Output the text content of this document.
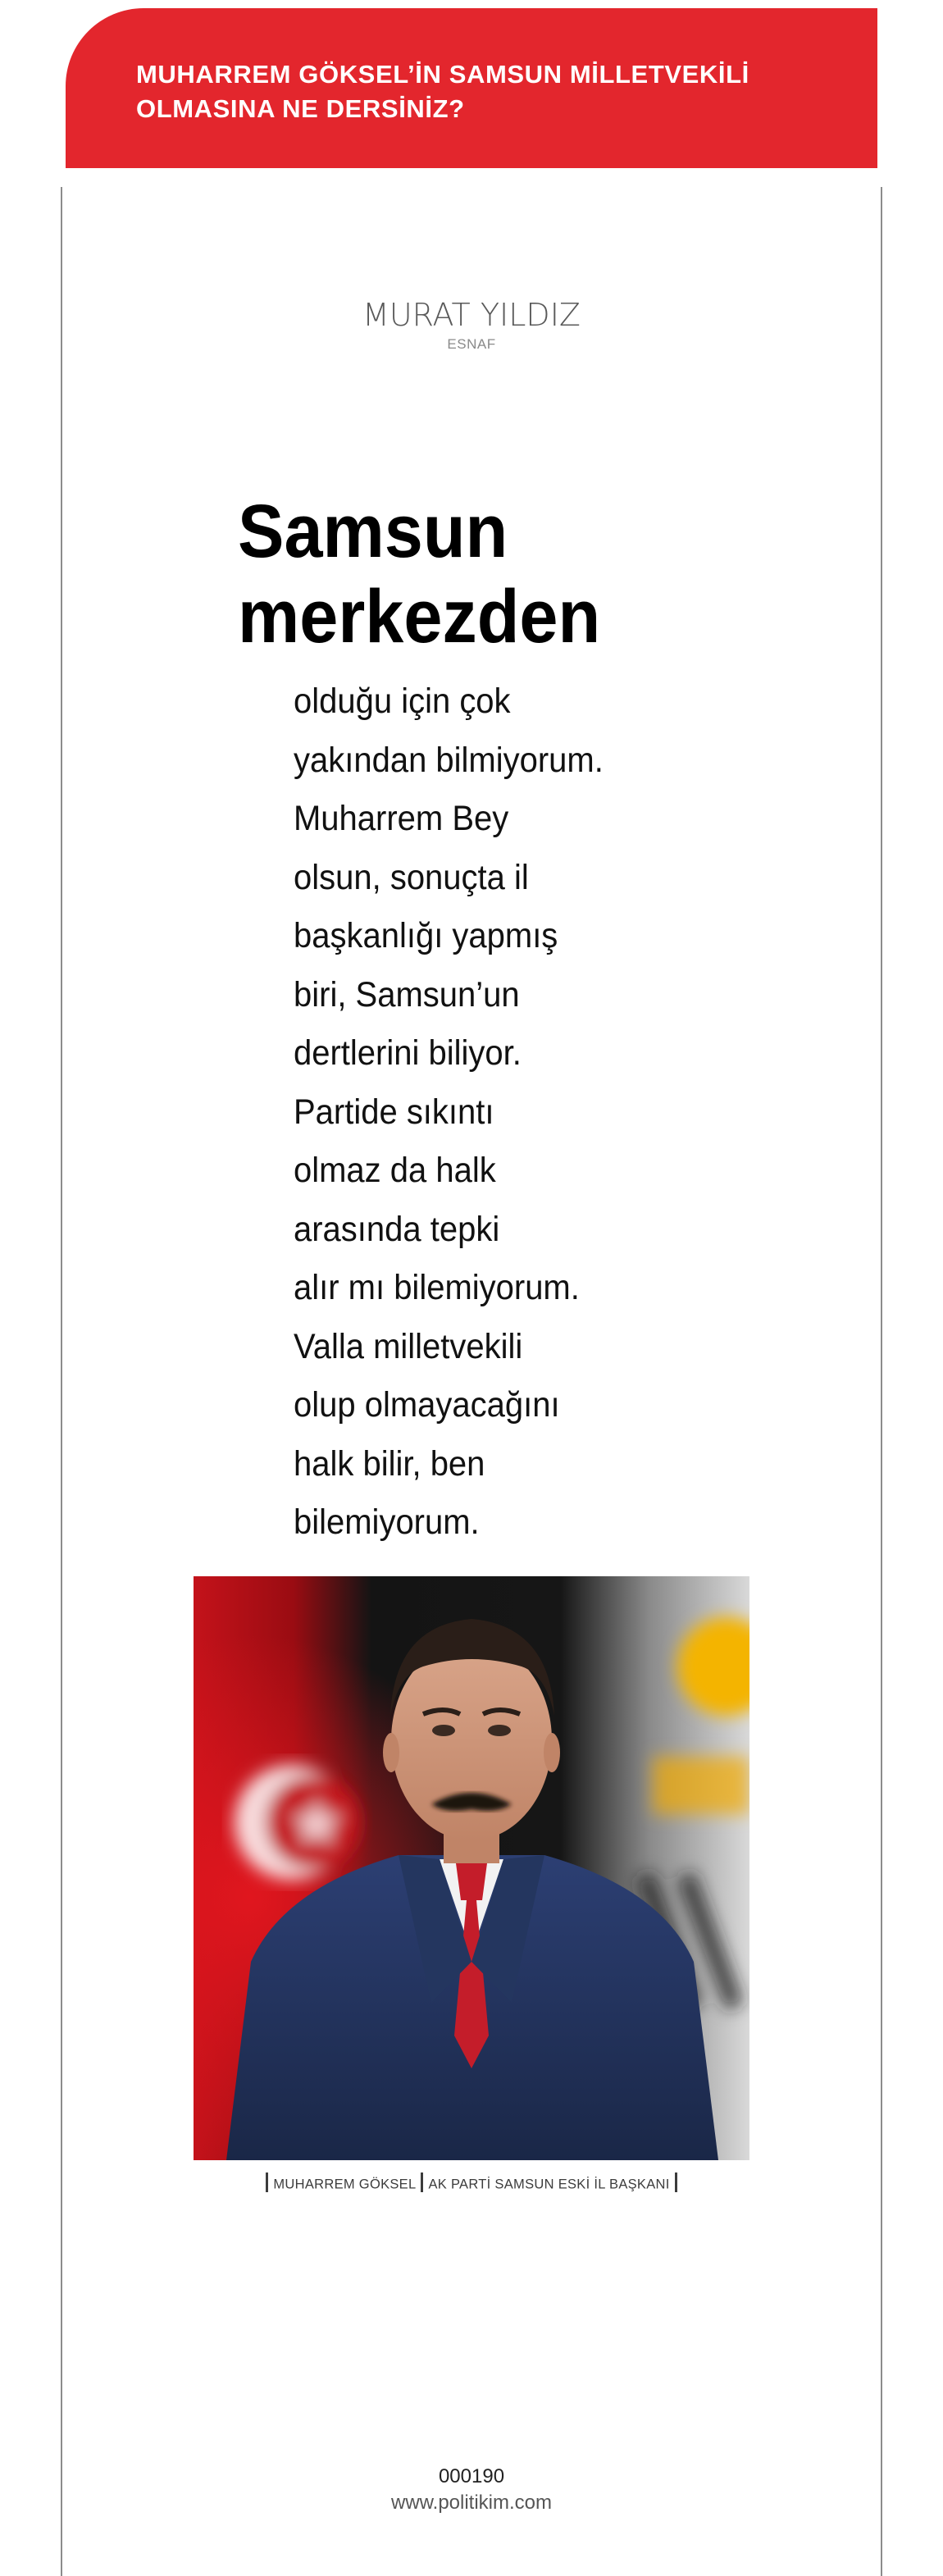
MUHARREM GÖKSEL’İN SAMSUN MİLLETVEKİLİ OLMASINA NE DERSİNİZ?
MURAT YILDIZ
ESNAF
Samsun merkezden
olduğu için çok
yakından bilmiyorum.
Muharrem Bey
olsun, sonuçta il
başkanlığı yapmış
biri, Samsun’un
dertlerini biliyor.
Partide sıkıntı
olmaz da halk
arasında tepki
alır mı bilemiyorum.
Valla milletvekili
olup olmayacağını
halk bilir, ben
bilemiyorum.
MUHARREM GÖKSEL AK PARTİ SAMSUN ESKİ İL BAŞKANI
000190
www.politikim.com
